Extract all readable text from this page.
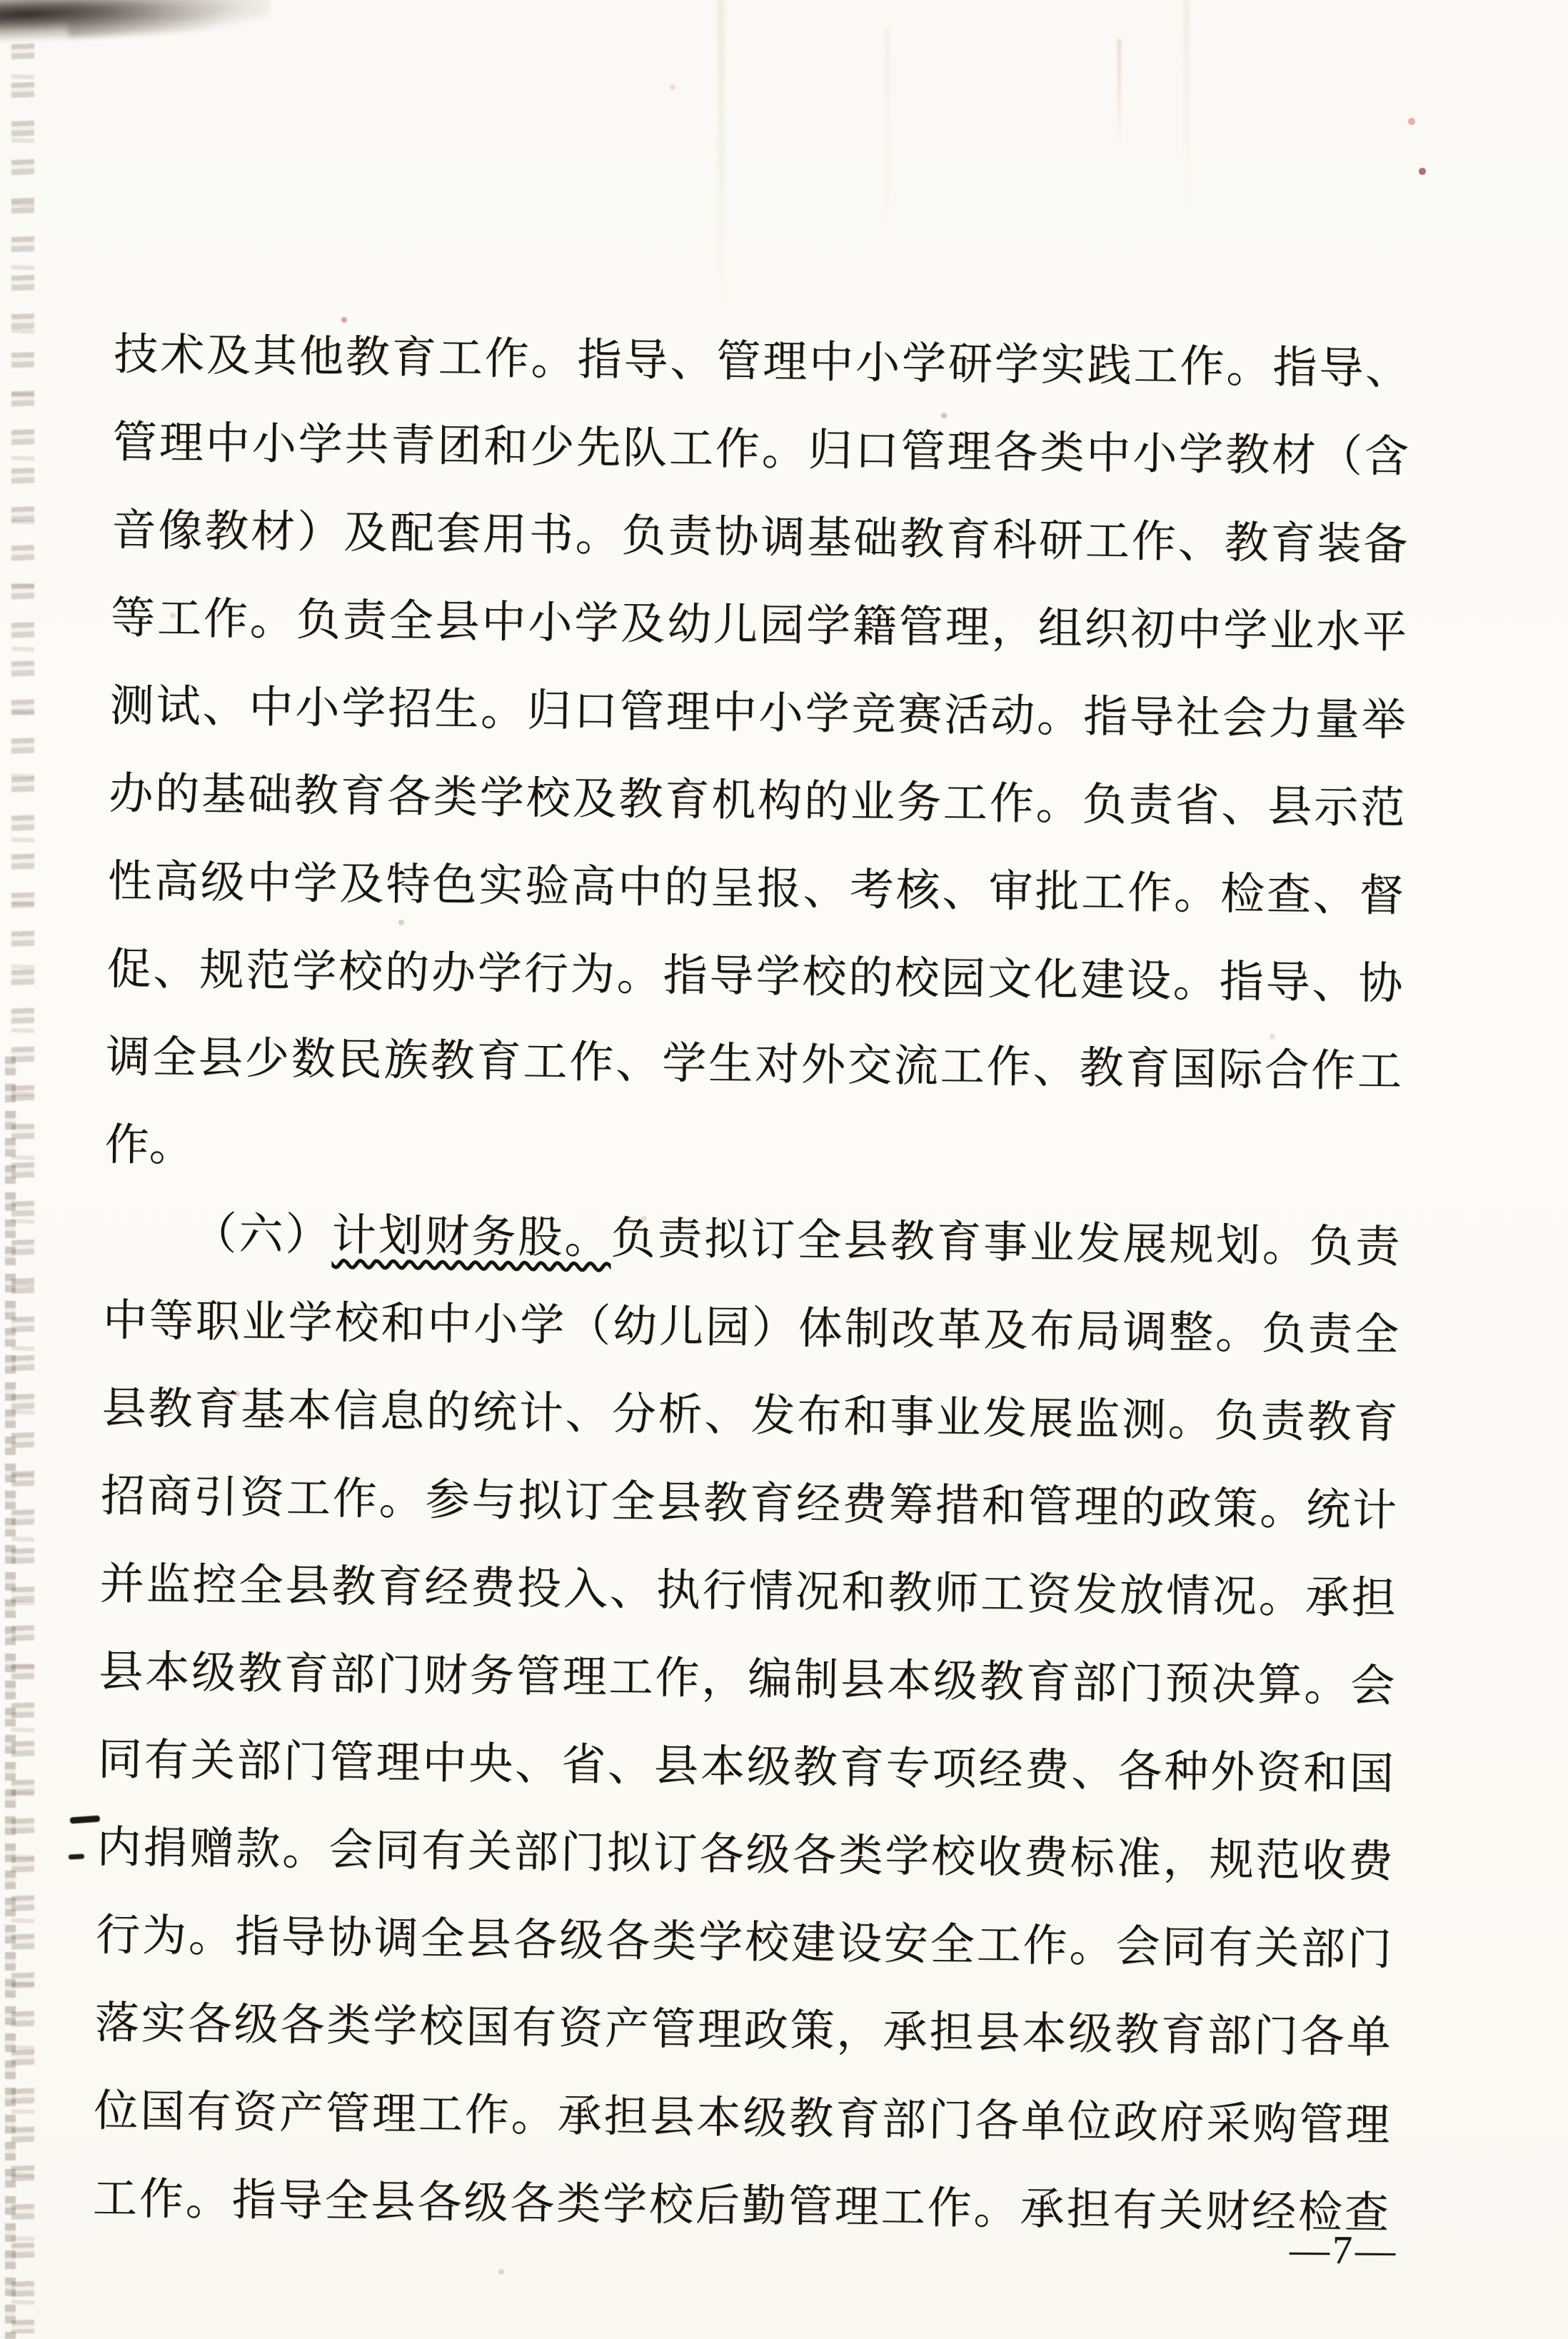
技术及其他教育工作。指导、管理中小学研学实践工作。指导、
管理中小学共青团和少先队工作。归口管理各类中小学教材（含
音像教材）及配套用书。负责协调基础教育科研工作、教育装备
等工作。负责全县中小学及幼儿园学籍管理，组织初中学业水平
测试、中小学招生。归口管理中小学竞赛活动。指导社会力量举
办的基础教育各类学校及教育机构的业务工作。负责省、县示范
性高级中学及特色实验高中的呈报、考核、审批工作。检查、督
促、规范学校的办学行为。指导学校的校园文化建设。指导、协
调全县少数民族教育工作、学生对外交流工作、教育国际合作工
作。
（六）计划财务股。负责拟订全县教育事业发展规划。负责
中等职业学校和中小学（幼儿园）体制改革及布局调整。负责全
县教育基本信息的统计、分析、发布和事业发展监测。负责教育
招商引资工作。参与拟订全县教育经费筹措和管理的政策。统计
并监控全县教育经费投入、执行情况和教师工资发放情况。承担
县本级教育部门财务管理工作，编制县本级教育部门预决算。会
同有关部门管理中央、省、县本级教育专项经费、各种外资和国
内捐赠款。会同有关部门拟订各级各类学校收费标准，规范收费
行为。指导协调全县各级各类学校建设安全工作。会同有关部门
落实各级各类学校国有资产管理政策，承担县本级教育部门各单
位国有资产管理工作。承担县本级教育部门各单位政府采购管理
工作。指导全县各级各类学校后勤管理工作。承担有关财经检查
—7—
